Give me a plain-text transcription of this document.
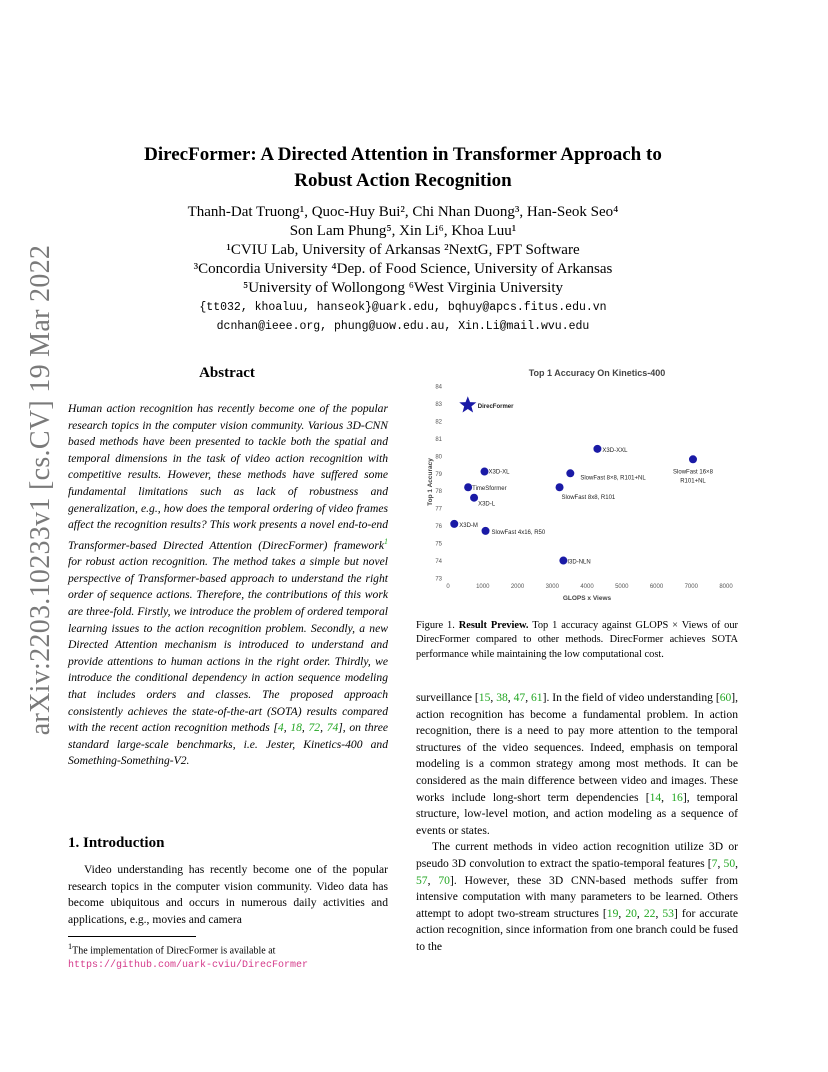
arXiv:2203.10233v1 [cs.CV] 19 Mar 2022
DirecFormer: A Directed Attention in Transformer Approach to
Robust Action Recognition
Thanh-Dat Truong¹, Quoc-Huy Bui², Chi Nhan Duong³, Han-Seok Seo⁴
Son Lam Phung⁵, Xin Li⁶, Khoa Luu¹
¹CVIU Lab, University of Arkansas ²NextG, FPT Software
³Concordia University ⁴Dep. of Food Science, University of Arkansas
⁵University of Wollongong ⁶West Virginia University
{tt032, khoaluu, hanseok}@uark.edu, bqhuy@apcs.fitus.edu.vn
dcnhan@ieee.org, phung@uow.edu.au, Xin.Li@mail.wvu.edu
Abstract
Human action recognition has recently become one of the popular research topics in the computer vision community. Various 3D-CNN based methods have been presented to tackle both the spatial and temporal dimensions in the task of video action recognition with competitive results. However, these methods have suffered some fundamental limitations such as lack of robustness and generalization, e.g., how does the temporal ordering of video frames affect the recognition results? This work presents a novel end-to-end Transformer-based Directed Attention (DirecFormer) framework$^1$ for robust action recognition. The method takes a simple but novel perspective of Transformer-based approach to understand the right order of sequence actions. Therefore, the contributions of this work are three-fold. Firstly, we introduce the problem of ordered temporal learning issues to the action recognition problem. Secondly, a new Directed Attention mechanism is introduced to understand and provide attentions to human actions in the right order. Thirdly, we introduce the conditional dependency in action sequence modeling that includes orders and classes. The proposed approach consistently achieves the state-of-the-art (SOTA) results compared with the recent action recognition methods [4, 18, 72, 74], on three standard large-scale benchmarks, i.e. Jester, Kinetics-400 and Something-Something-V2.
1. Introduction
Video understanding has recently become one of the popular research topics in the computer vision community. Video data has become ubiquitous and occurs in numerous daily activities and applications, e.g., movies and camera
$^1$The implementation of DirecFormer is available at https://github.com/uark-cviu/DirecFormer
Top 1 Accuracy On Kinetics-400
73
74
75
76
77
78
79
80
81
82
83
84
0	1000	2000	3000	4000	5000	6000	7000	8000
GLOPS x Views
Top 1 Accuracy
DirecFormer
X3D-XXL
SlowFast 16×8
R101+NL
X3D-XL
SlowFast 8×8, R101+NL
TimeSformer
SlowFast 8x8, R101
X3D-L
X3D-M
SlowFast 4x16, R50
I3D-NLN
Figure 1. Result Preview. Top 1 accuracy against GLOPS × Views of our DirecFormer compared to other methods. DirecFormer achieves SOTA performance while maintaining the low computational cost.

surveillance [15, 38, 47, 61]. In the field of video understanding [60], action recognition has become a fundamental problem. In action recognition, there is a need to pay more attention to the temporal structures of the video sequences. Indeed, emphasis on temporal modeling is a common strategy among most methods. It can be considered as the main difference between video and images. These works include long-short term dependencies [14, 16], temporal structure, low-level motion, and action modeling as a sequence of events or states.

The current methods in video action recognition utilize 3D or pseudo 3D convolution to extract the spatio-temporal features [7, 50, 57, 70]. However, these 3D CNN-based methods suffer from intensive computation with many parameters to be learned. Others attempt to adopt two-stream structures [19, 20, 22, 53] for accurate action recognition, since information from one branch could be fused to the
